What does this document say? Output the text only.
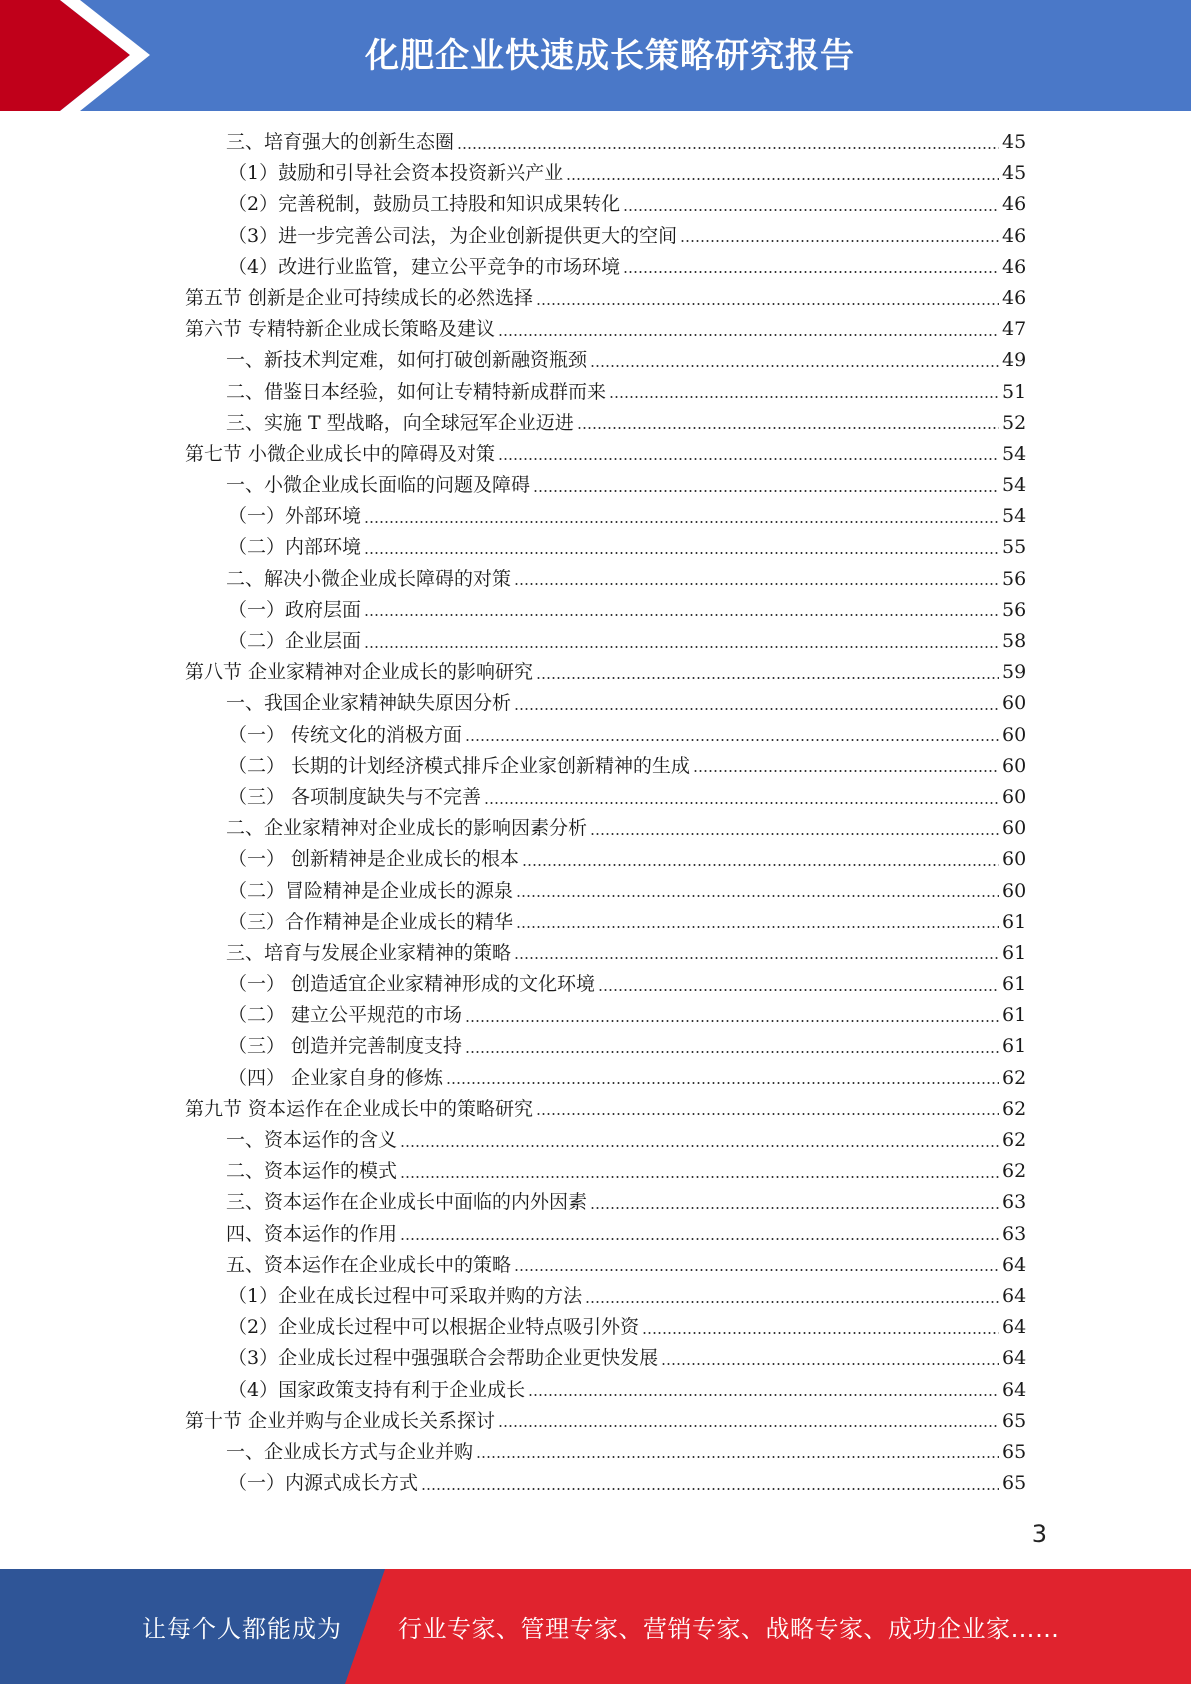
化肥企业快速成长策略研究报告
三、培育强大的创新生态圈	45
（1）鼓励和引导社会资本投资新兴产业	45
（2）完善税制，鼓励员工持股和知识成果转化	46
（3）进一步完善公司法，为企业创新提供更大的空间	46
（4）改进行业监管，建立公平竞争的市场环境	46
第五节 创新是企业可持续成长的必然选择	46
第六节 专精特新企业成长策略及建议	47
一、新技术判定难，如何打破创新融资瓶颈	49
二、借鉴日本经验，如何让专精特新成群而来	51
三、实施 T 型战略，向全球冠军企业迈进	52
第七节 小微企业成长中的障碍及对策	54
一、小微企业成长面临的问题及障碍	54
（一）外部环境	54
（二）内部环境	55
二、解决小微企业成长障碍的对策	56
（一）政府层面	56
（二）企业层面	58
第八节 企业家精神对企业成长的影响研究	59
一、我国企业家精神缺失原因分析	60
（一） 传统文化的消极方面	60
（二） 长期的计划经济模式排斥企业家创新精神的生成	60
（三） 各项制度缺失与不完善	60
二、企业家精神对企业成长的影响因素分析	60
（一） 创新精神是企业成长的根本	60
（二）冒险精神是企业成长的源泉	60
（三）合作精神是企业成长的精华	61
三、培育与发展企业家精神的策略	61
（一） 创造适宜企业家精神形成的文化环境	61
（二） 建立公平规范的市场	61
（三） 创造并完善制度支持	61
（四） 企业家自身的修炼	62
第九节 资本运作在企业成长中的策略研究	62
一、资本运作的含义	62
二、资本运作的模式	62
三、资本运作在企业成长中面临的内外因素	63
四、资本运作的作用	63
五、资本运作在企业成长中的策略	64
（1）企业在成长过程中可采取并购的方法	64
（2）企业成长过程中可以根据企业特点吸引外资	64
（3）企业成长过程中强强联合会帮助企业更快发展	64
（4）国家政策支持有利于企业成长	64
第十节 企业并购与企业成长关系探讨	65
一、企业成长方式与企业并购	65
（一）内源式成长方式	65
3
让每个人都能成为 行业专家、管理专家、营销专家、战略专家、成功企业家……
